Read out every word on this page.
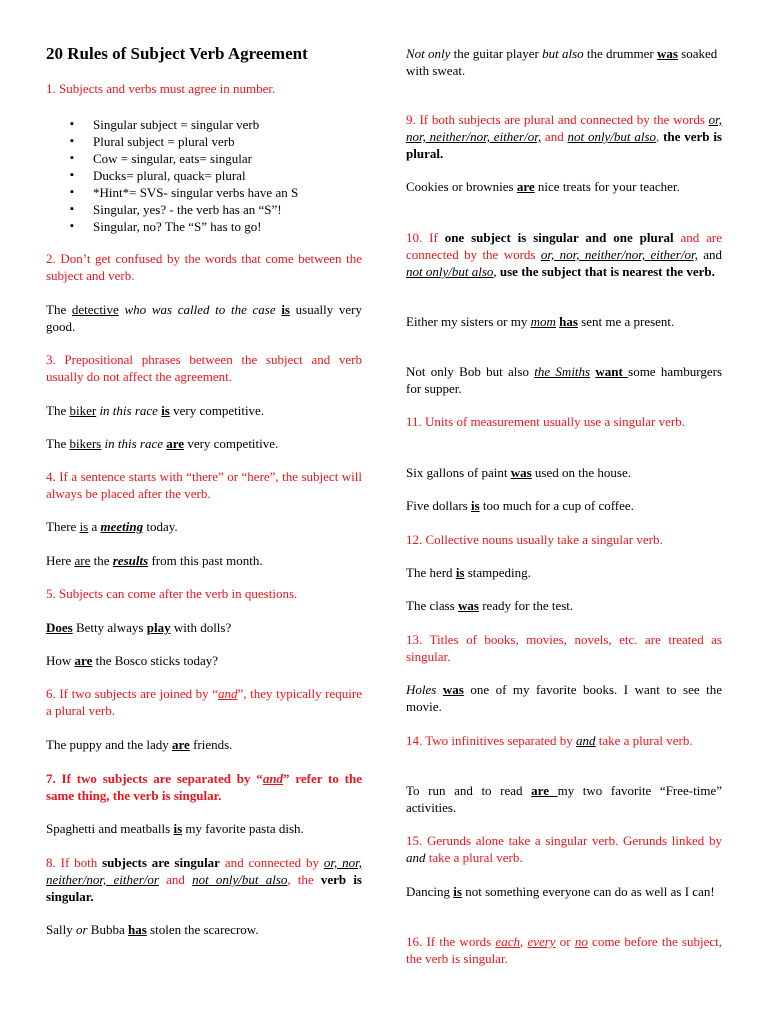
20 Rules of Subject Verb Agreement
1. Subjects and verbs must agree in number.
▪ Singular subject = singular verb
▪ Plural subject = plural verb
▪ Cow = singular, eats= singular
▪ Ducks= plural, quack= plural
▪ *Hint*= SVS- singular verbs have an S
▪ Singular, yes? - the verb has an “S”!
▪ Singular, no? The “S” has to go!
2. Don’t get confused by the words that come between the subject and verb.
The detective who was called to the case is usually very good.
3. Prepositional phrases between the subject and verb usually do not affect the agreement.
The biker in this race is very competitive.
The bikers in this race are very competitive.
4. If a sentence starts with “there” or “here”, the subject will always be placed after the verb.
There is a meeting today.
Here are the results from this past month.
5. Subjects can come after the verb in questions.
Does Betty always play with dolls?
How are the Bosco sticks today?
6. If two subjects are joined by “and”, they typically require a plural verb.
The puppy and the lady are friends.
7. If two subjects are separated by “and” refer to the same thing, the verb is singular.
Spaghetti and meatballs is my favorite pasta dish.
8. If both subjects are singular and connected by or, nor, neither/nor, either/or and not only/but also, the verb is singular.
Sally or Bubba has stolen the scarecrow.
Not only the guitar player but also the drummer was soaked with sweat.
9. If both subjects are plural and connected by the words or, nor, neither/nor, either/or, and not only/but also, the verb is plural.
Cookies or brownies are nice treats for your teacher.
10. If one subject is singular and one plural and are connected by the words or, nor, neither/nor, either/or, and not only/but also, use the subject that is nearest the verb.
Either my sisters or my mom has sent me a present.
Not only Bob but also the Smiths want some hamburgers for supper.
11. Units of measurement usually use a singular verb.
Six gallons of paint was used on the house.
Five dollars is too much for a cup of coffee.
12. Collective nouns usually take a singular verb.
The herd is stampeding.
The class was ready for the test.
13. Titles of books, movies, novels, etc. are treated as singular.
Holes was one of my favorite books. I want to see the movie.
14. Two infinitives separated by and take a plural verb.
To run and to read are my two favorite “Free-time” activities.
15. Gerunds alone take a singular verb. Gerunds linked by and take a plural verb.
Dancing is not something everyone can do as well as I can!
16. If the words each, every or no come before the subject, the verb is singular.
